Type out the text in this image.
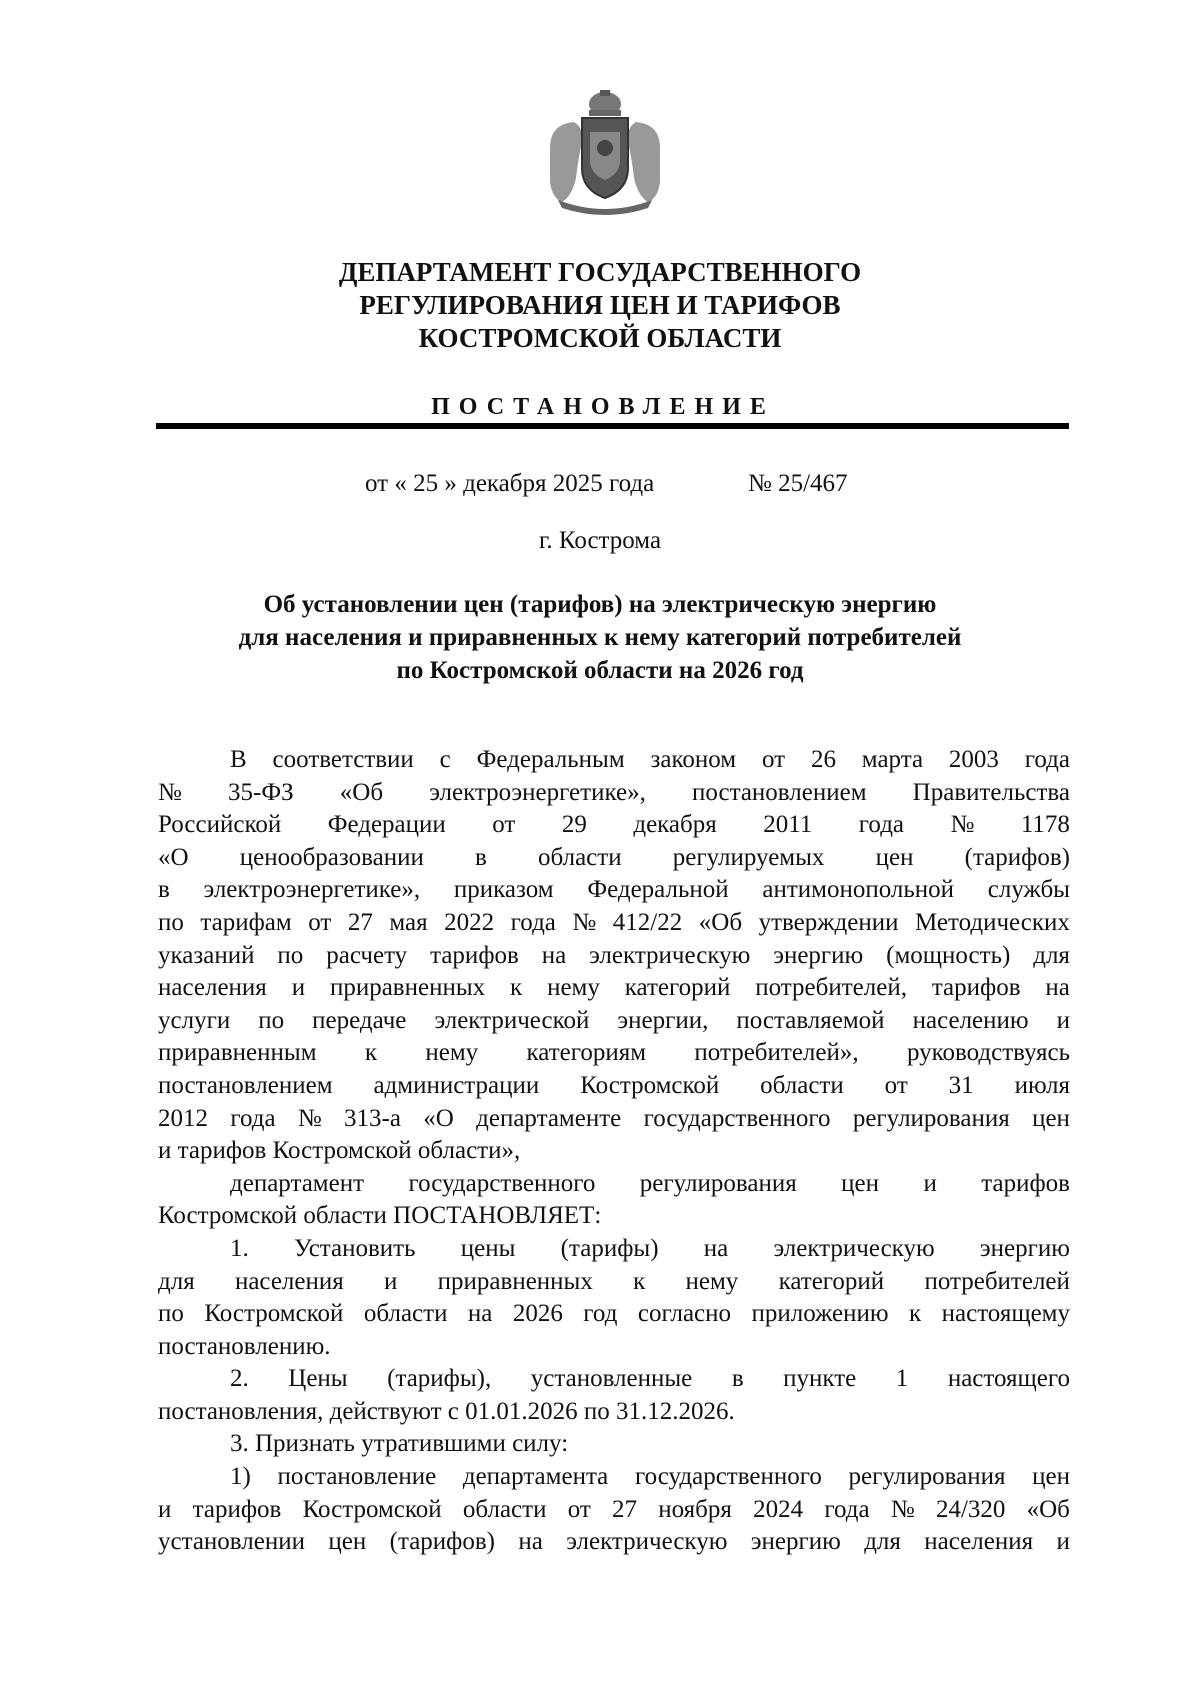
ДЕПАРТАМЕНТ ГОСУДАРСТВЕННОГО
РЕГУЛИРОВАНИЯ ЦЕН И ТАРИФОВ
КОСТРОМСКОЙ ОБЛАСТИ
ПОСТАНОВЛЕНИЕ
от « 25 » декабря 2025 года	№ 25/467
г. Кострома
Об установлении цен (тарифов) на электрическую энергию
для населения и приравненных к нему категорий потребителей
по Костромской области на 2026 год
В соответствии с Федеральным законом от 26 марта 2003 года
№ 35-ФЗ «Об электроэнергетике», постановлением Правительства
Российской Федерации от 29 декабря 2011 года № 1178
«О ценообразовании в области регулируемых цен (тарифов)
в электроэнергетике», приказом Федеральной антимонопольной службы
по тарифам от 27 мая 2022 года № 412/22 «Об утверждении Методических
указаний по расчету тарифов на электрическую энергию (мощность) для
населения и приравненных к нему категорий потребителей, тарифов на
услуги по передаче электрической энергии, поставляемой населению и
приравненным к нему категориям потребителей», руководствуясь
постановлением администрации Костромской области от 31 июля
2012 года № 313-а «О департаменте государственного регулирования цен
и тарифов Костромской области»,
департамент государственного регулирования цен и тарифов
Костромской области ПОСТАНОВЛЯЕТ:
1. Установить цены (тарифы) на электрическую энергию
для населения и приравненных к нему категорий потребителей
по Костромской области на 2026 год согласно приложению к настоящему
постановлению.
2. Цены (тарифы), установленные в пункте 1 настоящего
постановления, действуют с 01.01.2026 по 31.12.2026.
3. Признать утратившими силу:
1) постановление департамента государственного регулирования цен
и тарифов Костромской области от 27 ноября 2024 года № 24/320 «Об
установлении цен (тарифов) на электрическую энергию для населения и
